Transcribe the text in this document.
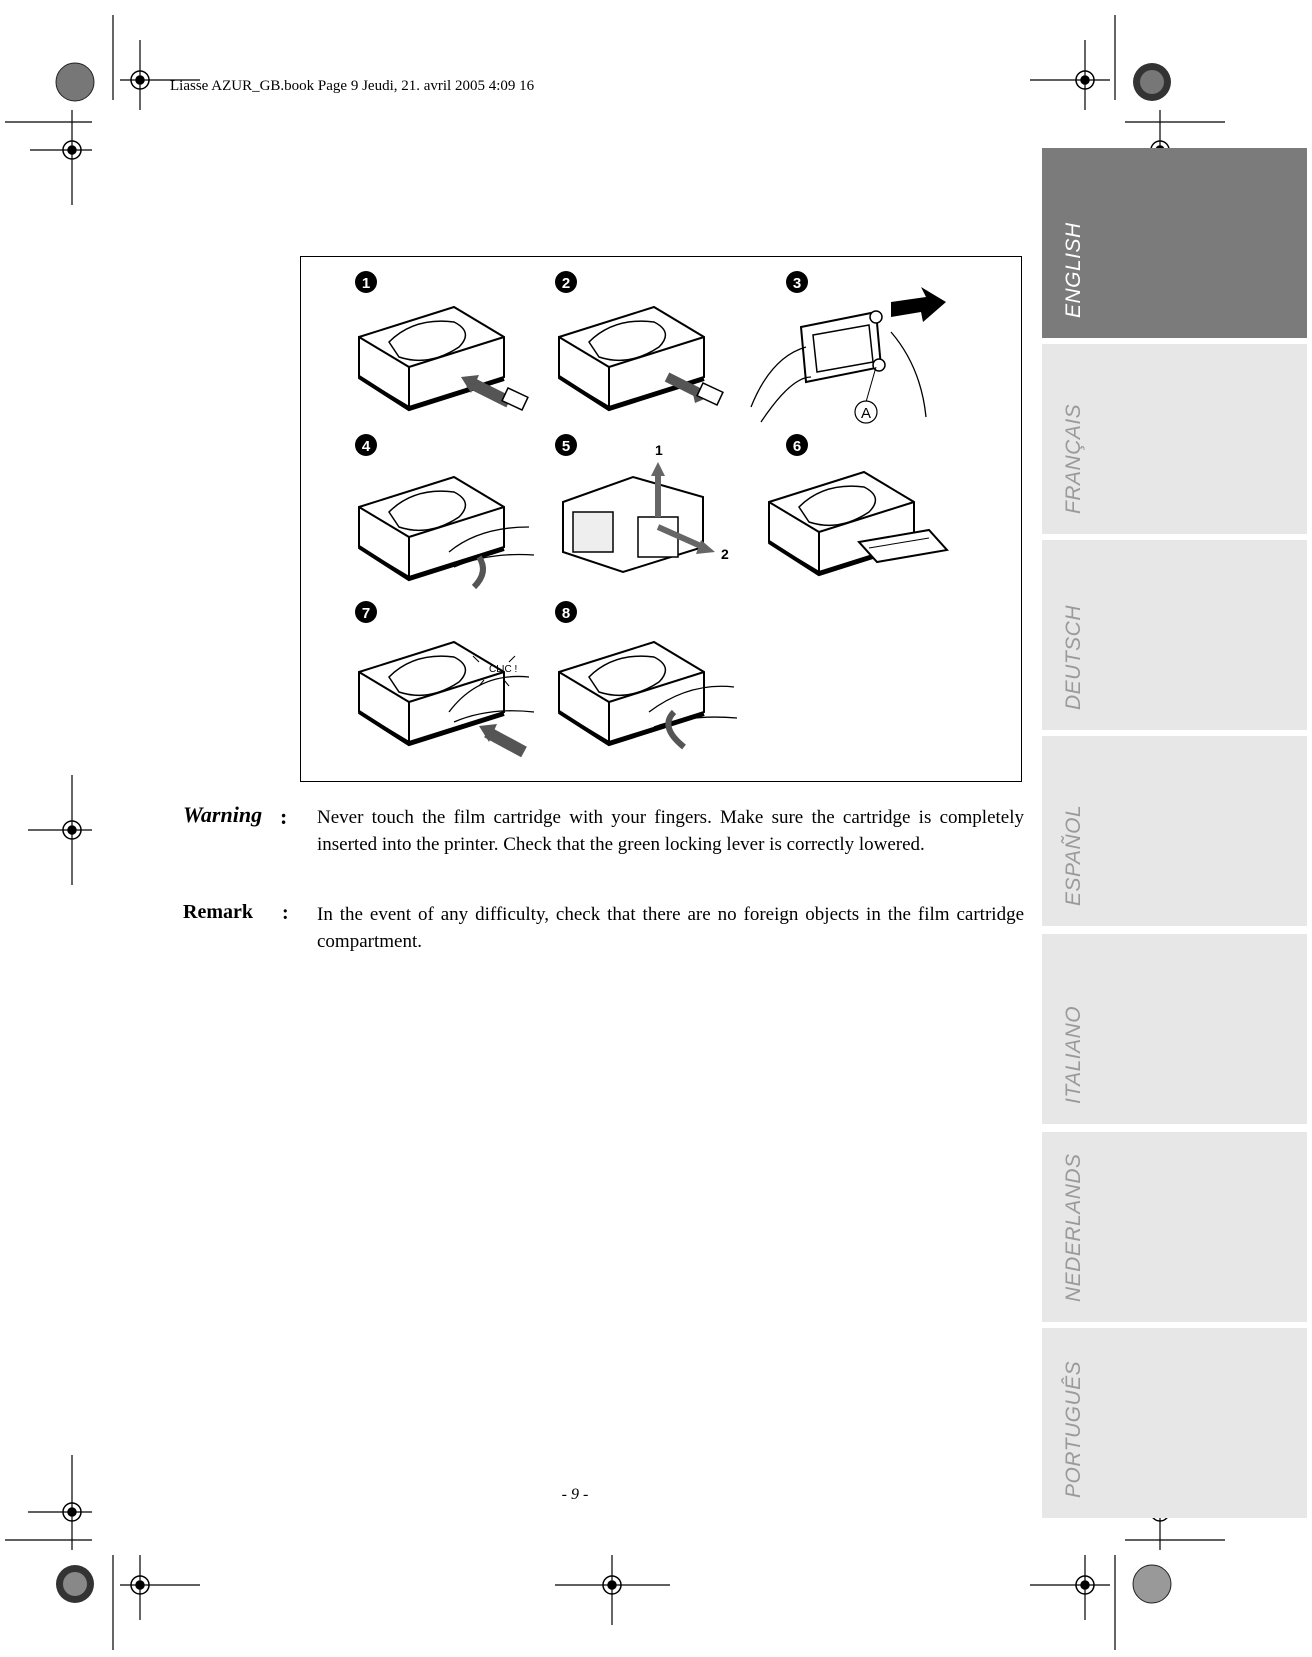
Liasse AZUR_GB.book Page 9 Jeudi, 21. avril 2005 4:09 16
1	2	3
4	5	6
7	8
A
1
2
CLIC !
Warning : Never touch the film cartridge with your fingers. Make sure the cartridge is completely inserted into the printer. Check that the green locking lever is correctly lowered.
Remark : In the event of any difficulty, check that there are no foreign objects in the film cartridge compartment.
- 9 -
ENGLISH
FRANÇAIS
DEUTSCH
ESPAÑOL
ITALIANO
NEDERLANDS
PORTUGUÊS
